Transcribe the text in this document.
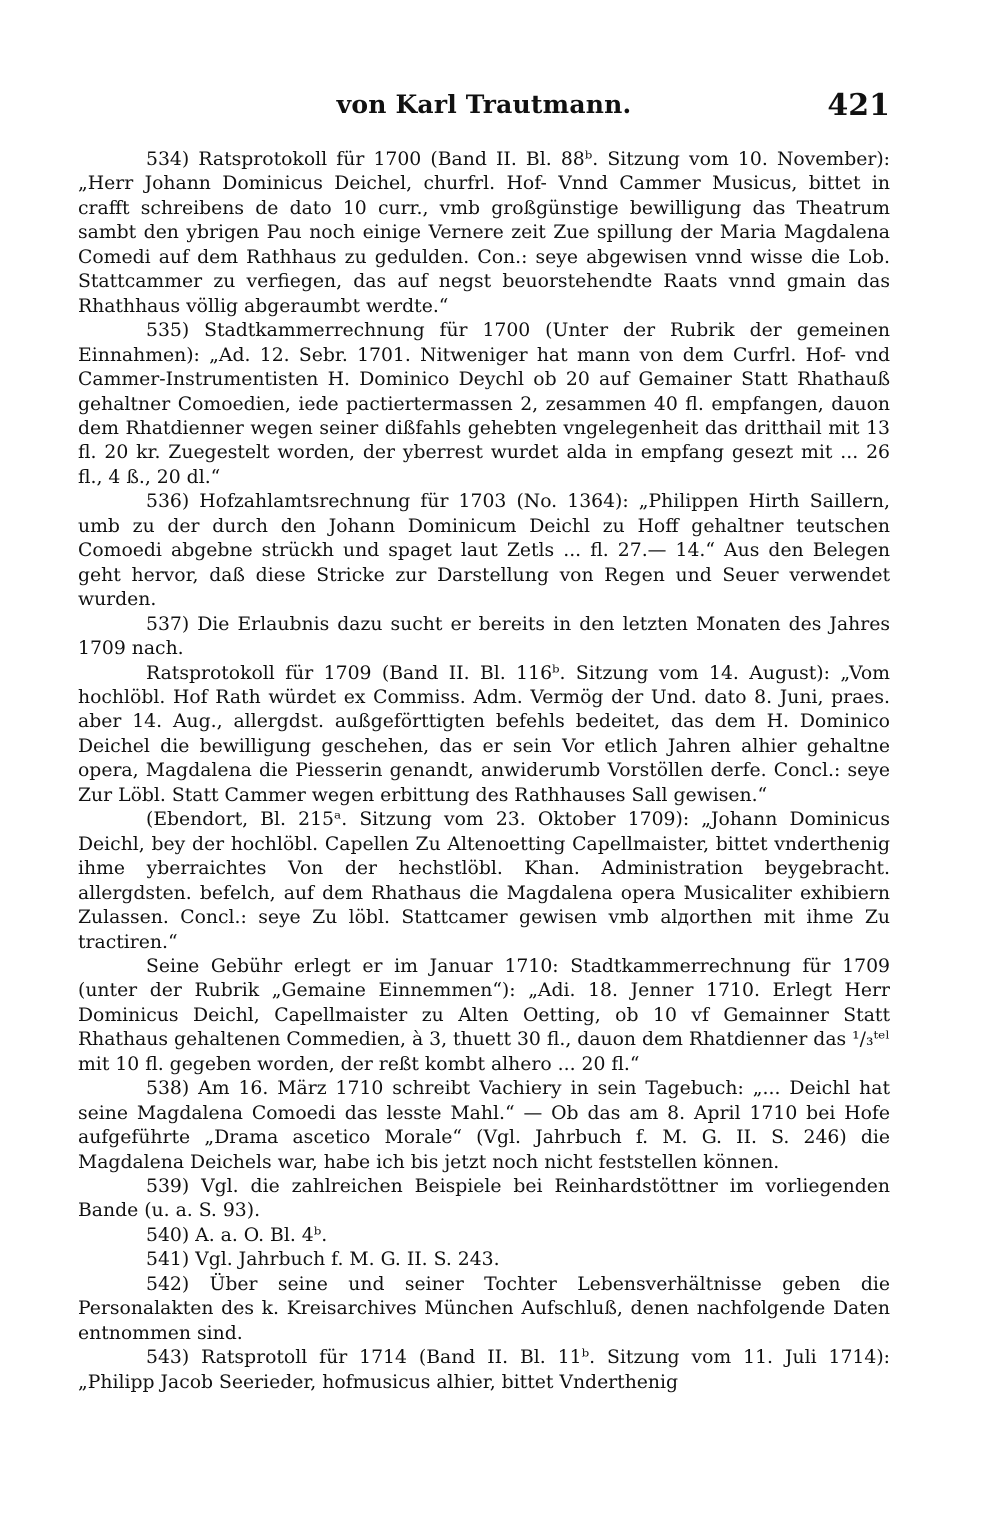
von Karl Trautmann.	421

534) Ratsprotokoll für 1700 (Band II. Bl. 88ᵇ. Sitzung vom 10. November): „Herr Johann Dominicus Deichel, churfrl. Hof- Vnnd Cammer Musicus, bittet in crafft schreibens de dato 10 curr., vmb großgünstige bewilligung das Theatrum sambt den ybrigen Pau noch einige Vernere zeit Zue spillung der Maria Magdalena Comedi auf dem Rathhaus zu gedulden. Con.: seye abgewisen vnnd wisse die Lob. Stattcammer zu verfiegen, das auf negst beuorstehendte Raats vnnd gmain das Rhathhaus völlig abgeraumbt werdte.“

535) Stadtkammerrechnung für 1700 (Unter der Rubrik der gemeinen Einnahmen): „Ad. 12. Sebr. 1701. Nitweniger hat mann von dem Curfrl. Hof- vnd Cammer-Instrumentisten H. Dominico Deychl ob 20 auf Gemainer Statt Rhathauß gehaltner Comoedien, iede pactiertermassen 2, zesammen 40 fl. empfangen, dauon dem Rhatdienner wegen seiner dißfahls gehebten vngelegenheit das dritthail mit 13 fl. 20 kr. Zuegestelt worden, der yberrest wurdet alda in empfang gesezt mit ... 26 fl., 4 ß., 20 dl.“

536) Hofzahlamtsrechnung für 1703 (No. 1364): „Philippen Hirth Saillern, umb zu der durch den Johann Dominicum Deichl zu Hoff gehaltner teutschen Comoedi abgebne strückh und spaget laut Zetls ... fl. 27.— 14.“ Aus den Belegen geht hervor, daß diese Stricke zur Darstellung von Regen und Seuer verwendet wurden.

537) Die Erlaubnis dazu sucht er bereits in den letzten Monaten des Jahres 1709 nach.

Ratsprotokoll für 1709 (Band II. Bl. 116ᵇ. Sitzung vom 14. August): „Vom hochlöbl. Hof Rath würdet ex Commiss. Adm. Vermög der Und. dato 8. Juni, praes. aber 14. Aug., allergdst. außgeförttigten befehls bedeitet, das dem H. Dominico Deichel die bewilligung geschehen, das er sein Vor etlich Jahren alhier gehaltne opera, Magdalena die Piesserin genandt, anwiderumb Vorstöllen derfe. Concl.: seye Zur Löbl. Statt Cammer wegen erbittung des Rathhauses Sall gewisen.“

(Ebendort, Bl. 215ᵃ. Sitzung vom 23. Oktober 1709): „Johann Dominicus Deichl, bey der hochlöbl. Capellen Zu Altenoetting Capellmaister, bittet vnderthenig ihme yberraichtes Von der hechstlöbl. Khan. Administration beygebracht. allergdsten. befelch, auf dem Rhathaus die Magdalena opera Musicaliter exhibiern Zulassen. Concl.: seye Zu löbl. Stattcamer gewisen vmb alдorthen mit ihme Zu tractiren.“

Seine Gebühr erlegt er im Januar 1710: Stadtkammerrechnung für 1709 (unter der Rubrik „Gemaine Einnemmen“): „Adi. 18. Jenner 1710. Erlegt Herr Dominicus Deichl, Capellmaister zu Alten Oetting, ob 10 vf Gemainner Statt Rhathaus gehaltenen Commedien, à 3, thuett 30 fl., dauon dem Rhatdienner das ¹/₃ᵗᵉˡ mit 10 fl. gegeben worden, der reßt kombt alhero ... 20 fl.“

538) Am 16. März 1710 schreibt Vachiery in sein Tagebuch: „... Deichl hat seine Magdalena Comoedi das lesste Mahl.“ — Ob das am 8. April 1710 bei Hofe aufgeführte „Drama ascetico Morale“ (Vgl. Jahrbuch f. M. G. II. S. 246) die Magdalena Deichels war, habe ich bis jetzt noch nicht feststellen können.

539) Vgl. die zahlreichen Beispiele bei Reinhardstöttner im vorliegenden Bande (u. a. S. 93).

540) A. a. O. Bl. 4ᵇ.

541) Vgl. Jahrbuch f. M. G. II. S. 243.

542) Über seine und seiner Tochter Lebensverhältnisse geben die Personalakten des k. Kreisarchives München Aufschluß, denen nachfolgende Daten entnommen sind.

543) Ratsprotoll für 1714 (Band II. Bl. 11ᵇ. Sitzung vom 11. Juli 1714): „Philipp Jacob Seerieder, hofmusicus alhier, bittet Vnderthenig
